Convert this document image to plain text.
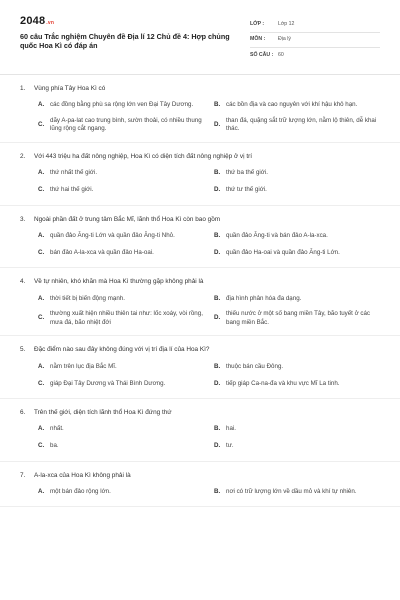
2048.vn
60 câu Trắc nghiệm Chuyên đề Địa lí 12 Chủ đề 4: Hợp chủng quốc Hoa Kì có đáp án
LỚP :	Lớp 12
MÔN :	Địa lý
SỐ CÂU : 60
1.	Vùng phía Tây Hoa Kì có
A. các đồng bằng phù sa rộng lớn ven Đại Tây Dương.	B. các bồn địa và cao nguyên với khí hậu khô hạn.
C.
dãy A-pa-lat cao trung bình, sườn thoải, có nhiều thung lũng rộng cắt ngang.
D.
than đá, quặng sắt trữ lượng lớn, nằm lộ thiên, dễ khai thác.
2.	Với 443 triệu ha đất nông nghiệp, Hoa Kì có diện tích đất nông nghiệp ở vị trí
A. thứ nhất thế giới.	B. thứ ba thế giới.
C. thứ hai thế giới.	D. thứ tư thế giới.
3.	Ngoài phần đất ở trung tâm Bắc Mĩ, lãnh thổ Hoa Kì còn bao gồm
A. quần đảo Ăng-ti Lớn và quần đảo Ăng-ti Nhỏ.	B. quần đảo Ăng-ti và bán đảo A-la-xca.
C. bán đảo A-la-xca và quần đảo Ha-oai.	D. quần đảo Ha-oai và quần đảo Ăng-ti Lớn.
4.	Về tự nhiên, khó khăn mà Hoa Kì thường gặp không phải là
A. thời tiết bị biến động mạnh.	B. địa hình phân hóa đa dạng.
C.
thường xuất hiện nhiều thiên tai như: lốc xoáy, vòi rồng, mưa đá, bão nhiệt đới
D.
thiếu nước ở một số bang miền Tây, bão tuyết ở các bang miền Bắc.
5.	Đặc điểm nào sau đây không đúng với vị trí địa lí của Hoa Kì?
A. nằm trên lục địa Bắc Mĩ.	B. thuộc bán cầu Đông.
C. giáp Đại Tây Dương và Thái Bình Dương.	D. tiếp giáp Ca-na-đa và khu vực Mĩ La tinh.
6.	Trên thế giới, diện tích lãnh thổ Hoa Kì đứng thứ
A. nhất.	B. hai.
C. ba.	D. tư.
7.	A-la-xca của Hoa Kì không phải là
A. một bán đảo rộng lớn.	B. nơi có trữ lượng lớn về dầu mỏ và khí tự nhiên.
